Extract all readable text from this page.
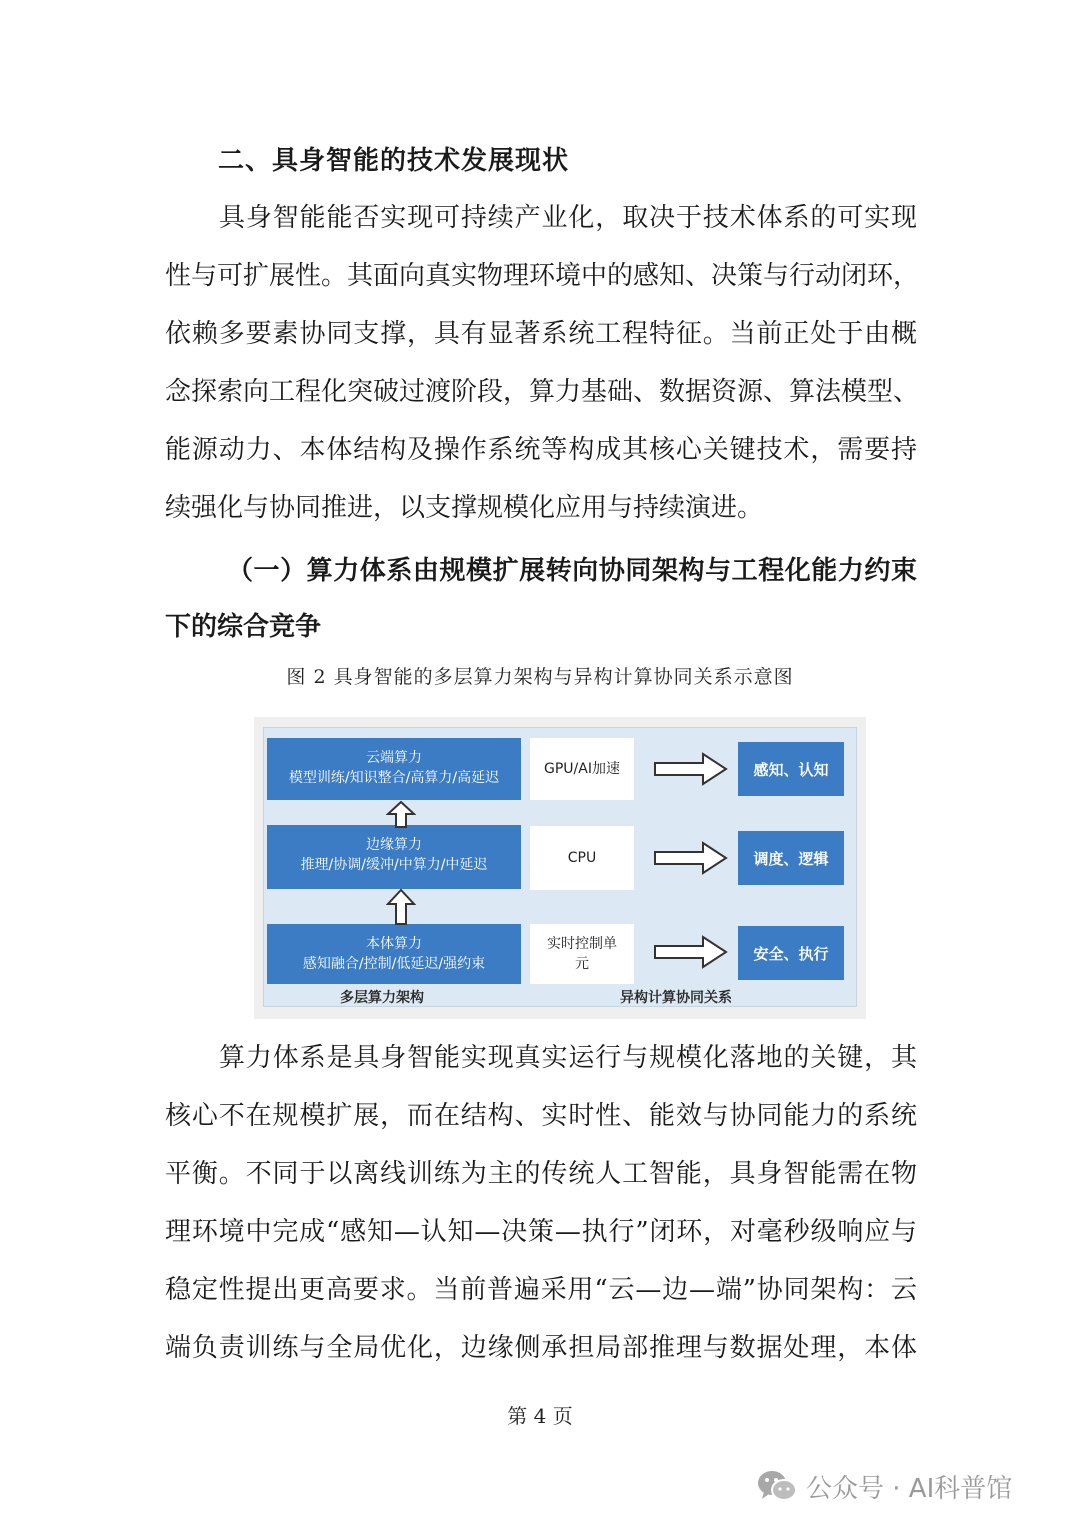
二、具身智能的技术发展现状
具身智能能否实现可持续产业化，取决于技术体系的可实现
性与可扩展性。其面向真实物理环境中的感知、决策与行动闭环，
依赖多要素协同支撑，具有显著系统工程特征。当前正处于由概
念探索向工程化突破过渡阶段，算力基础、数据资源、算法模型、
能源动力、本体结构及操作系统等构成其核心关键技术，需要持
续强化与协同推进，以支撑规模化应用与持续演进。
（一）算力体系由规模扩展转向协同架构与工程化能力约束
下的综合竞争
图 2 具身智能的多层算力架构与异构计算协同关系示意图
云端算力
模型训练/知识整合/高算力/高延迟
边缘算力
推理/协调/缓冲/中算力/中延迟
本体算力
感知融合/控制/低延迟/强约束
GPU/AI加速
CPU
实时控制单
元
感知、认知
调度、逻辑
安全、执行
多层算力架构	异构计算协同关系
算力体系是具身智能实现真实运行与规模化落地的关键，其
核心不在规模扩展，而在结构、实时性、能效与协同能力的系统
平衡。不同于以离线训练为主的传统人工智能，具身智能需在物
理环境中完成“感知—认知—决策—执行”闭环，对毫秒级响应与
稳定性提出更高要求。当前普遍采用“云—边—端”协同架构：云
端负责训练与全局优化，边缘侧承担局部推理与数据处理，本体
第 4 页
公众号 · AI科普馆
